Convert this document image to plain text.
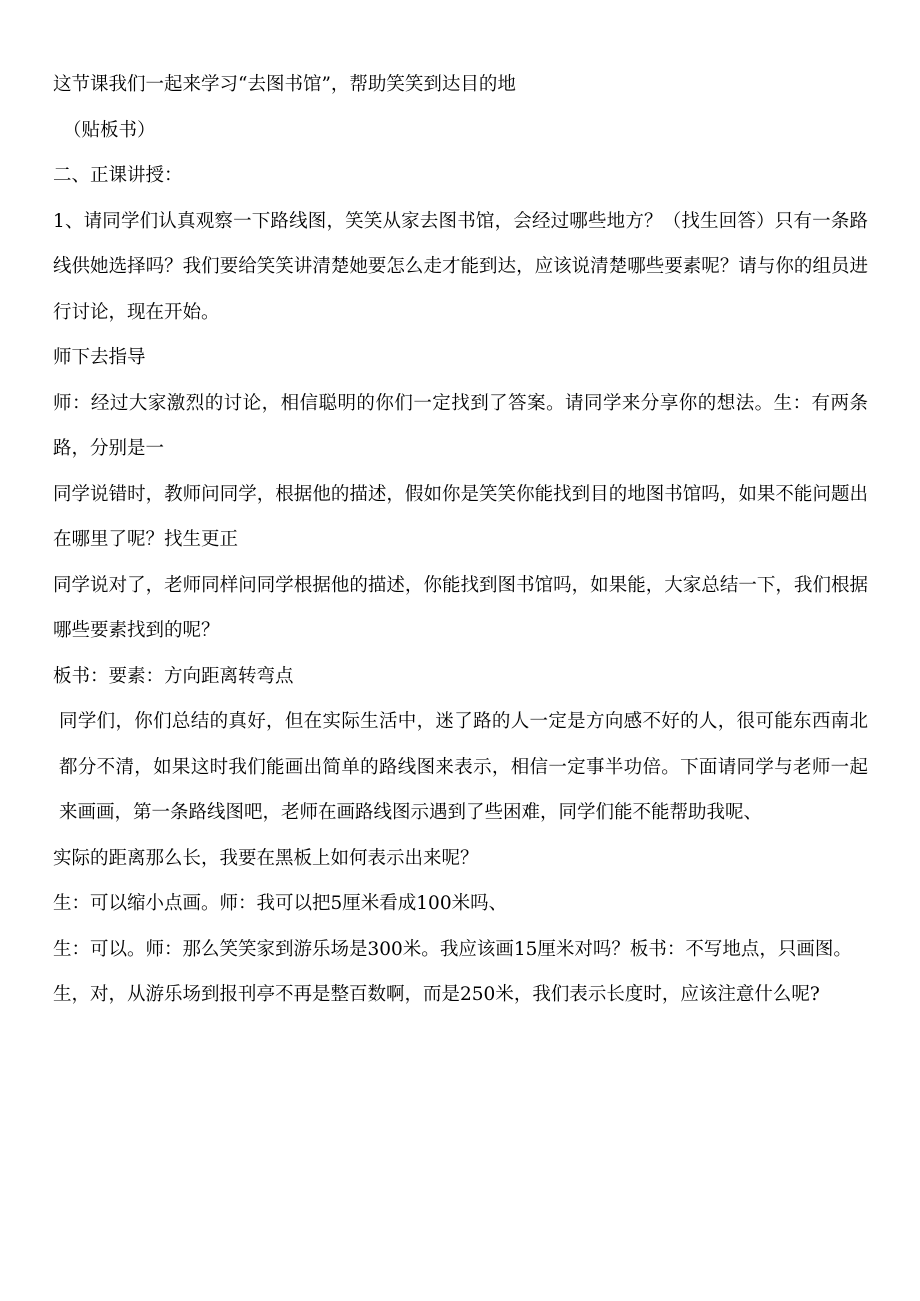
这节课我们一起来学习“去图书馆”，帮助笑笑到达目的地

（贴板书）

二、正课讲授：

1、请同学们认真观察一下路线图，笑笑从家去图书馆，会经过哪些地方？（找生回答）只有一条路线供她选择吗？我们要给笑笑讲清楚她要怎么走才能到达，应该说清楚哪些要素呢？请与你的组员进行讨论，现在开始。

师下去指导

师：经过大家激烈的讨论，相信聪明的你们一定找到了答案。请同学来分享你的想法。生：有两条路，分别是一

同学说错时，教师问同学，根据他的描述，假如你是笑笑你能找到目的地图书馆吗，如果不能问题出在哪里了呢？找生更正

同学说对了，老师同样问同学根据他的描述，你能找到图书馆吗，如果能，大家总结一下，我们根据哪些要素找到的呢？

板书：要素：方向距离转弯点

同学们，你们总结的真好，但在实际生活中，迷了路的人一定是方向感不好的人，很可能东西南北都分不清，如果这时我们能画出简单的路线图来表示，相信一定事半功倍。下面请同学与老师一起来画画，第一条路线图吧，老师在画路线图示遇到了些困难，同学们能不能帮助我呢、

实际的距离那么长，我要在黑板上如何表示出来呢？

生：可以缩小点画。师：我可以把5厘米看成100米吗、

生：可以。师：那么笑笑家到游乐场是300米。我应该画15厘米对吗？板书：不写地点，只画图。

生，对，从游乐场到报刊亭不再是整百数啊，而是250米，我们表示长度时，应该注意什么呢?
